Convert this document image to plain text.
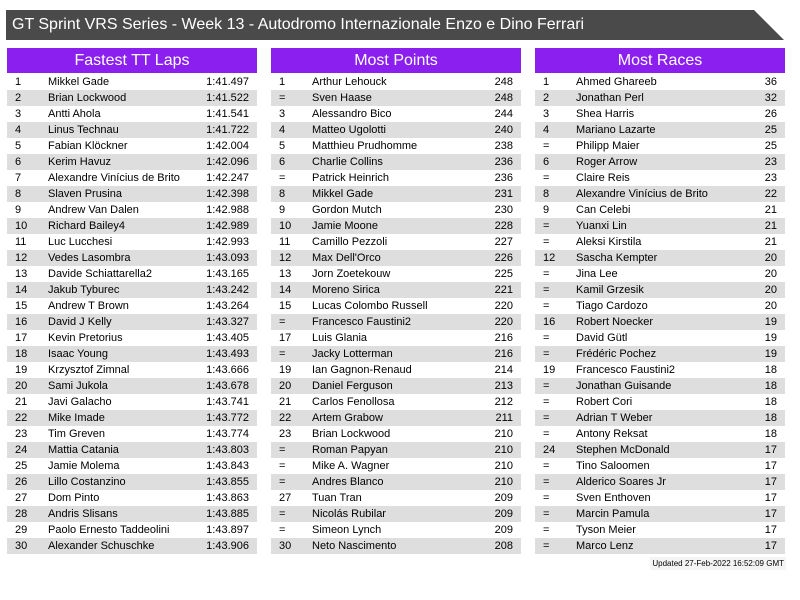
GT Sprint VRS Series - Week 13 - Autodromo Internazionale Enzo e Dino Ferrari
Fastest TT Laps
1	Mikkel Gade	1:41.497
2	Brian Lockwood	1:41.522
3	Antti Ahola	1:41.541
4	Linus Technau	1:41.722
5	Fabian Klöckner	1:42.004
6	Kerim Havuz	1:42.096
7	Alexandre Vinícius de Brito	1:42.247
8	Slaven Prusina	1:42.398
9	Andrew Van Dalen	1:42.988
10	Richard Bailey4	1:42.989
11	Luc Lucchesi	1:42.993
12	Vedes Lasombra	1:43.093
13	Davide Schiattarella2	1:43.165
14	Jakub Tyburec	1:43.242
15	Andrew T Brown	1:43.264
16	David J Kelly	1:43.327
17	Kevin Pretorius	1:43.405
18	Isaac Young	1:43.493
19	Krzysztof Zimnal	1:43.666
20	Sami Jukola	1:43.678
21	Javi Galacho	1:43.741
22	Mike Imade	1:43.772
23	Tim Greven	1:43.774
24	Mattia Catania	1:43.803
25	Jamie Molema	1:43.843
26	Lillo Costanzino	1:43.855
27	Dom Pinto	1:43.863
28	Andris Slisans	1:43.885
29	Paolo Ernesto Taddeolini	1:43.897
30	Alexander Schuschke	1:43.906
Most Points
1	Arthur Lehouck	248
=	Sven Haase	248
3	Alessandro Bico	244
4	Matteo Ugolotti	240
5	Matthieu Prudhomme	238
6	Charlie Collins	236
=	Patrick Heinrich	236
8	Mikkel Gade	231
9	Gordon Mutch	230
10	Jamie Moone	228
11	Camillo Pezzoli	227
12	Max Dell'Orco	226
13	Jorn Zoetekouw	225
14	Moreno Sirica	221
15	Lucas Colombo Russell	220
=	Francesco Faustini2	220
17	Luis Glania	216
=	Jacky Lotterman	216
19	Ian Gagnon-Renaud	214
20	Daniel Ferguson	213
21	Carlos Fenollosa	212
22	Artem Grabow	211
23	Brian Lockwood	210
=	Roman Papyan	210
=	Mike A. Wagner	210
=	Andres Blanco	210
27	Tuan Tran	209
=	Nicolás Rubilar	209
=	Simeon Lynch	209
30	Neto Nascimento	208
Most Races
1	Ahmed Ghareeb	36
2	Jonathan Perl	32
3	Shea Harris	26
4	Mariano Lazarte	25
=	Philipp Maier	25
6	Roger Arrow	23
=	Claire Reis	23
8	Alexandre Vinícius de Brito	22
9	Can Celebi	21
=	Yuanxi Lin	21
=	Aleksi Kirstila	21
12	Sascha Kempter	20
=	Jina Lee	20
=	Kamil Grzesik	20
=	Tiago Cardozo	20
16	Robert Noecker	19
=	David Gütl	19
=	Frédéric Pochez	19
19	Francesco Faustini2	18
=	Jonathan Guisande	18
=	Robert Cori	18
=	Adrian T Weber	18
=	Antony Reksat	18
24	Stephen McDonald	17
=	Tino Saloomen	17
=	Alderico Soares Jr	17
=	Sven Enthoven	17
=	Marcin Pamula	17
=	Tyson Meier	17
=	Marco Lenz	17
Updated 27-Feb-2022 16:52:09 GMT
